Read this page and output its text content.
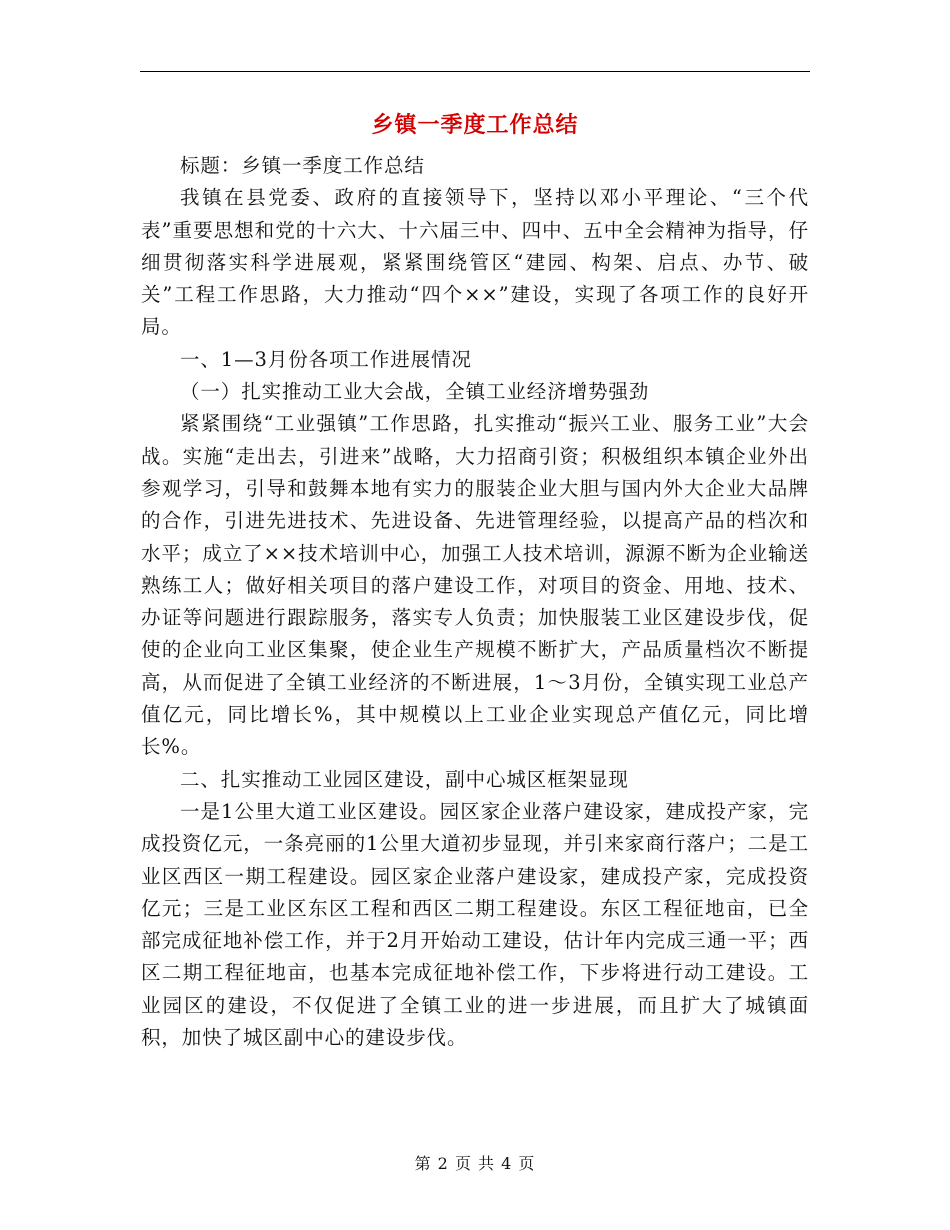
乡镇一季度工作总结

标题：乡镇一季度工作总结

我镇在县党委、政府的直接领导下，坚持以邓小平理论、“三个代表”重要思想和党的十六大、十六届三中、四中、五中全会精神为指导，仔细贯彻落实科学进展观，紧紧围绕管区“建园、构架、启点、办节、破关”工程工作思路，大力推动“四个××”建设，实现了各项工作的良好开局。

一、1—3月份各项工作进展情况

（一）扎实推动工业大会战，全镇工业经济增势强劲

紧紧围绕“工业强镇”工作思路，扎实推动“振兴工业、服务工业”大会战。实施“走出去，引进来”战略，大力招商引资；积极组织本镇企业外出参观学习，引导和鼓舞本地有实力的服装企业大胆与国内外大企业大品牌的合作，引进先进技术、先进设备、先进管理经验，以提高产品的档次和水平；成立了××技术培训中心，加强工人技术培训，源源不断为企业输送熟练工人；做好相关项目的落户建设工作，对项目的资金、用地、技术、办证等问题进行跟踪服务，落实专人负责；加快服装工业区建设步伐，促使的企业向工业区集聚，使企业生产规模不断扩大，产品质量档次不断提高，从而促进了全镇工业经济的不断进展，1～3月份，全镇实现工业总产值亿元，同比增长%，其中规模以上工业企业实现总产值亿元，同比增长%。

二、扎实推动工业园区建设，副中心城区框架显现

一是1公里大道工业区建设。园区家企业落户建设家，建成投产家，完成投资亿元，一条亮丽的1公里大道初步显现，并引来家商行落户；二是工业区西区一期工程建设。园区家企业落户建设家，建成投产家，完成投资亿元；三是工业区东区工程和西区二期工程建设。东区工程征地亩，已全部完成征地补偿工作，并于2月开始动工建设，估计年内完成三通一平；西区二期工程征地亩，也基本完成征地补偿工作，下步将进行动工建设。工业园区的建设，不仅促进了全镇工业的进一步进展，而且扩大了城镇面积，加快了城区副中心的建设步伐。

第 2 页 共 4 页
